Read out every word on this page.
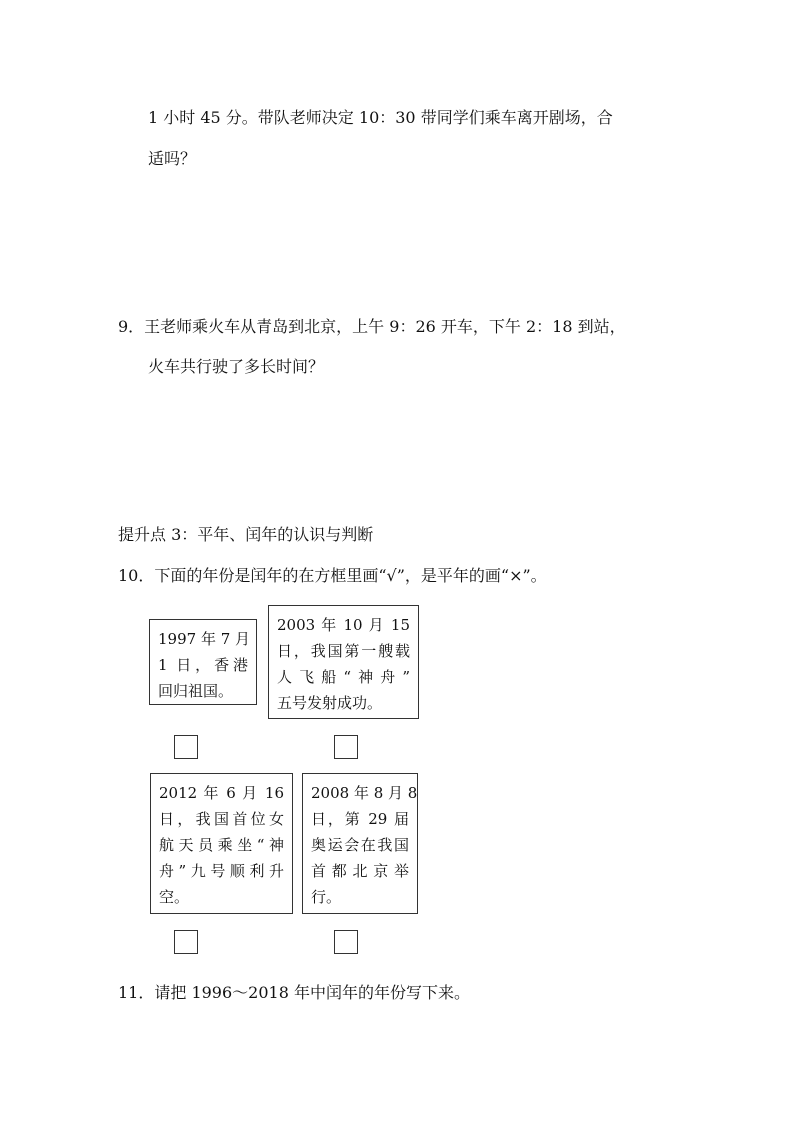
1 小时 45 分。带队老师决定 10：30 带同学们乘车离开剧场，合
适吗？
9．王老师乘火车从青岛到北京，上午 9：26 开车，下午 2：18 到站，
火车共行驶了多长时间？
提升点 3：平年、闰年的认识与判断
10．下面的年份是闰年的在方框里画“√”，是平年的画“×”。
1997 年 7 月
1 日，香港
回归祖国。
2003 年 10 月 15
日，我国第一艘载
人飞船“神舟”
五号发射成功。
2012 年 6 月 16
日，我国首位女
航天员乘坐“神
舟”九号顺利升
空。
2008 年 8 月 8
日，第 29 届
奥运会在我国
首都北京举
行。
11．请把 1996～2018 年中闰年的年份写下来。
